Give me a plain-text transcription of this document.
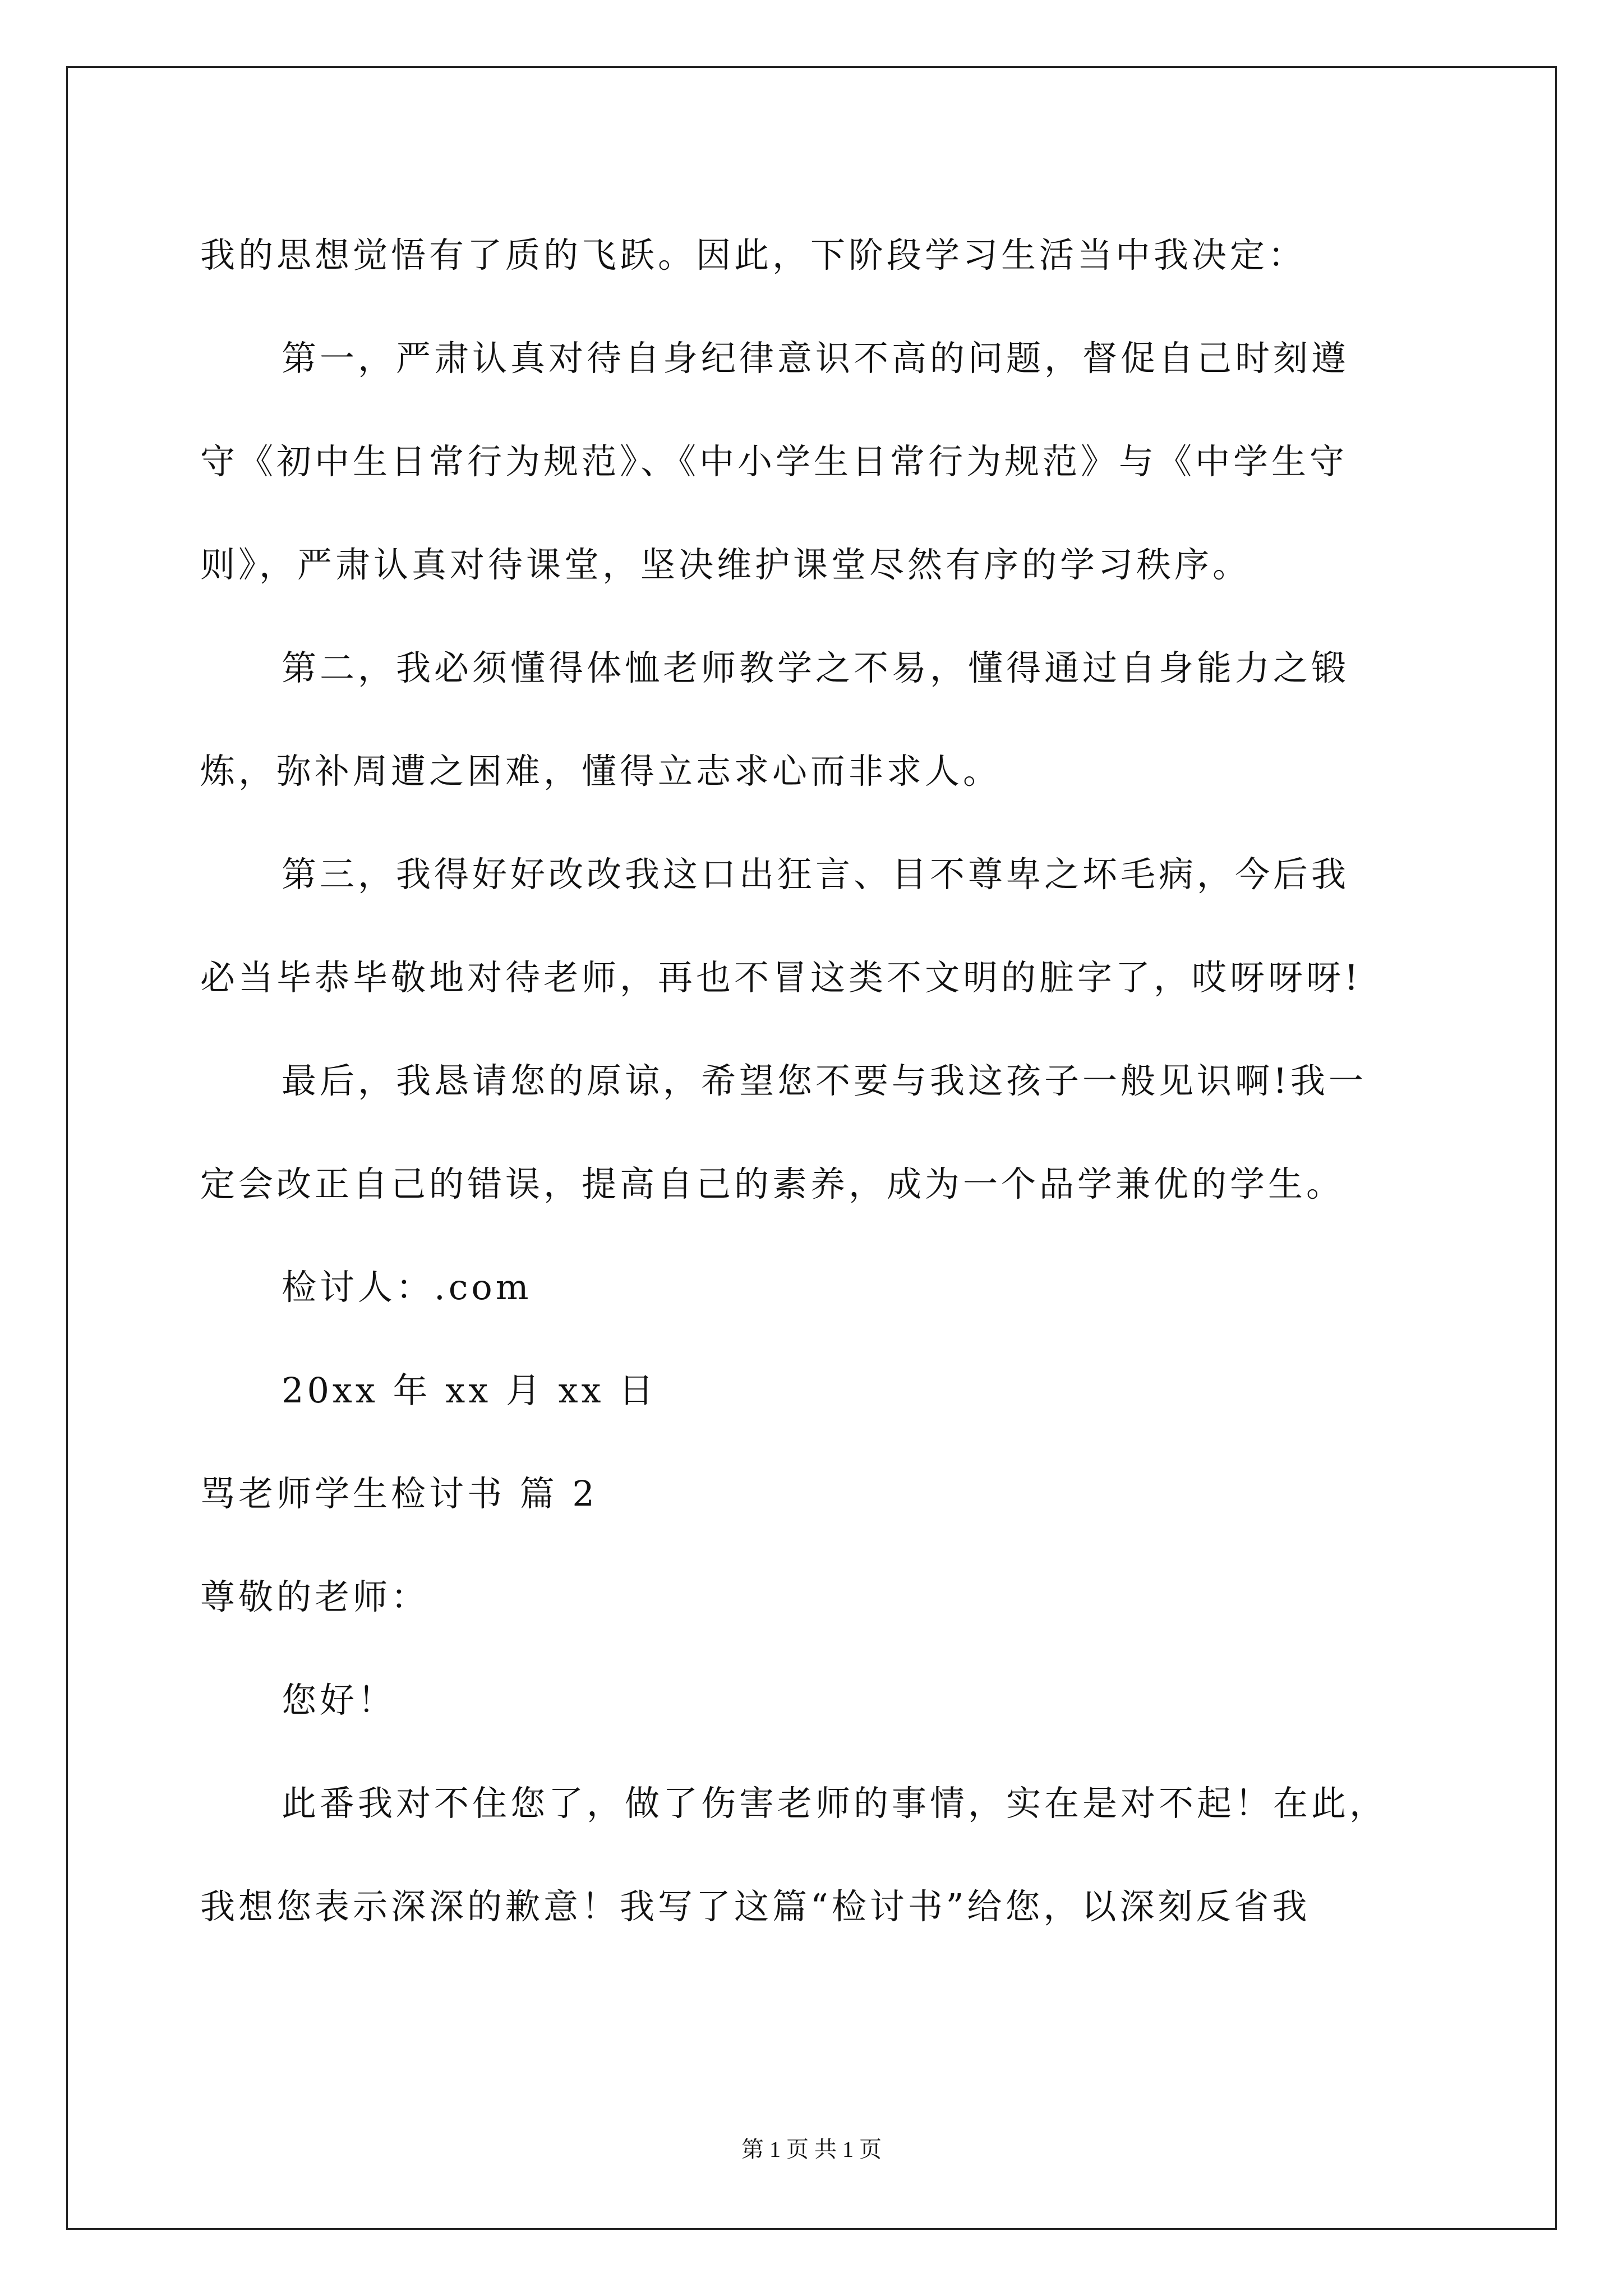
我的思想觉悟有了质的飞跃。因此，下阶段学习生活当中我决定：
第一，严肃认真对待自身纪律意识不高的问题，督促自己时刻遵
守《初中生日常行为规范》、《中小学生日常行为规范》与《中学生守
则》，严肃认真对待课堂，坚决维护课堂尽然有序的学习秩序。
第二，我必须懂得体恤老师教学之不易，懂得通过自身能力之锻
炼，弥补周遭之困难，懂得立志求心而非求人。
第三，我得好好改改我这口出狂言、目不尊卑之坏毛病，今后我
必当毕恭毕敬地对待老师，再也不冒这类不文明的脏字了，哎呀呀呀!
最后，我恳请您的原谅，希望您不要与我这孩子一般见识啊!我一
定会改正自己的错误，提高自己的素养，成为一个品学兼优的学生。
检讨人：.com
20xx 年 xx 月 xx 日
骂老师学生检讨书 篇 2
尊敬的老师：
您好！
此番我对不住您了，做了伤害老师的事情，实在是对不起！在此，
我想您表示深深的歉意！我写了这篇“检讨书”给您，以深刻反省我
第 1 页 共 1 页
